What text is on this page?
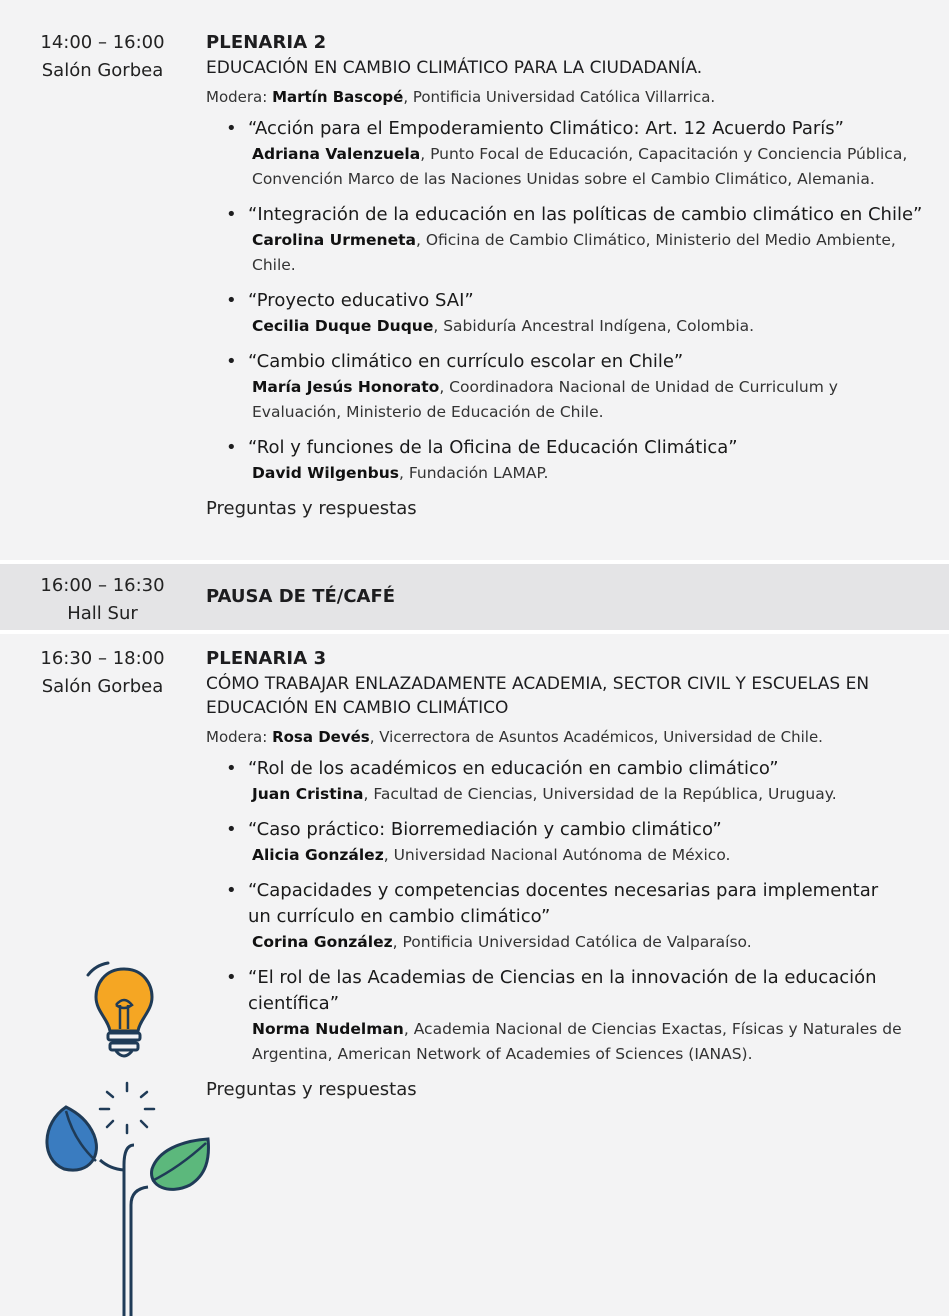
14:00 – 16:00
Salón Gorbea
PLENARIA 2
EDUCACIÓN EN CAMBIO CLIMÁTICO PARA LA CIUDADANÍA.
Modera: Martín Bascopé, Pontificia Universidad Católica Villarrica.
• “Acción para el Empoderamiento Climático: Art. 12 Acuerdo París”
Adriana Valenzuela, Punto Focal de Educación, Capacitación y Conciencia Pública, Convención Marco de las Naciones Unidas sobre el Cambio Climático, Alemania.
• “Integración de la educación en las políticas de cambio climático en Chile”
Carolina Urmeneta, Oficina de Cambio Climático, Ministerio del Medio Ambiente, Chile.
• “Proyecto educativo SAI”
Cecilia Duque Duque, Sabiduría Ancestral Indígena, Colombia.
• “Cambio climático en currículo escolar en Chile”
María Jesús Honorato, Coordinadora Nacional de Unidad de Curriculum y Evaluación, Ministerio de Educación de Chile.
• “Rol y funciones de la Oficina de Educación Climática”
David Wilgenbus, Fundación LAMAP.
Preguntas y respuestas
16:00 – 16:30
Hall Sur
PAUSA DE TÉ/CAFÉ
16:30 – 18:00
Salón Gorbea
PLENARIA 3
CÓMO TRABAJAR ENLAZADAMENTE ACADEMIA, SECTOR CIVIL Y ESCUELAS EN EDUCACIÓN EN CAMBIO CLIMÁTICO
Modera: Rosa Devés, Vicerrectora de Asuntos Académicos, Universidad de Chile.
• “Rol de los académicos en educación en cambio climático”
Juan Cristina, Facultad de Ciencias, Universidad de la República, Uruguay.
• “Caso práctico: Biorremediación y cambio climático”
Alicia González, Universidad Nacional Autónoma de México.
• “Capacidades y competencias docentes necesarias para implementar un currículo en cambio climático”
Corina González, Pontificia Universidad Católica de Valparaíso.
• “El rol de las Academias de Ciencias en la innovación de la educación científica”
Norma Nudelman, Academia Nacional de Ciencias Exactas, Físicas y Naturales de Argentina, American Network of Academies of Sciences (IANAS).
Preguntas y respuestas
